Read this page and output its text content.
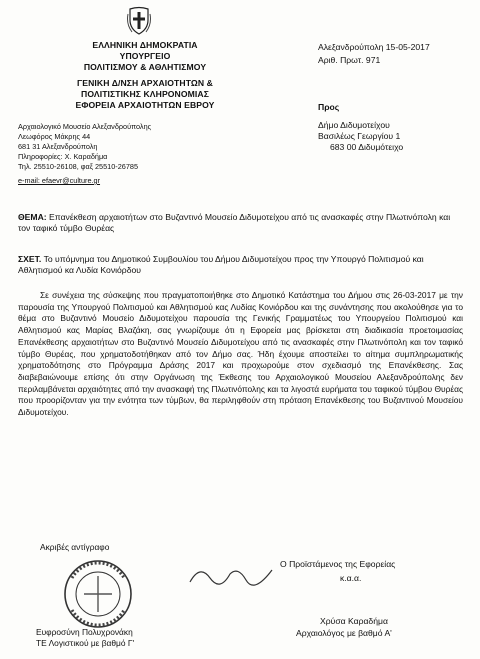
ΕΛΛΗΝΙΚΗ ΔΗΜΟΚΡΑΤΙΑ
ΥΠΟΥΡΓΕΙΟ
ΠΟΛΙΤΙΣΜΟΥ & ΑΘΛΗΤΙΣΜΟΥ
ΓΕΝΙΚΗ Δ/ΝΣΗ ΑΡΧΑΙΟΤΗΤΩΝ &
ΠΟΛΙΤΙΣΤΙΚΗΣ ΚΛΗΡΟΝΟΜΙΑΣ
ΕΦΟΡΕΙΑ ΑΡΧΑΙΟΤΗΤΩΝ ΕΒΡΟΥ
Αρχαιολογικό Μουσείο Αλεξανδρούπολης
Λεωφόρος Μάκρης 44
681 31 Αλεξανδρούπολη
Πληροφορίες: Χ. Καραδήμα
Τηλ. 25510-26108, φαξ 25510-26785
e-mail: efaevr@culture.gr
Αλεξανδρούπολη 15-05-2017
Αριθ. Πρωτ. 971
Προς
Δήμο Διδυμοτείχου
Βασιλέως Γεωργίου 1
683 00 Διδυμότειχο
ΘΕΜΑ: Επανέκθεση αρχαιοτήτων στο Βυζαντινό Μουσείο Διδυμοτείχου από τις ανασκαφές στην Πλωτινόπολη και τον ταφικό τύμβο Θυρέας
ΣΧΕΤ. Το υπόμνημα του Δημοτικού Συμβουλίου του Δήμου Διδυμοτείχου προς την Υπουργό Πολιτισμού και Αθλητισμού κα Λυδία Κονιόρδου
Σε συνέχεια της σύσκεψης που πραγματοποιήθηκε στο Δημοτικό Κατάστημα του Δήμου στις 26-03-2017 με την παρουσία της Υπουργού Πολιτισμού και Αθλητισμού κας Λυδίας Κονιόρδου και της συνάντησης που ακολούθησε για το θέμα στο Βυζαντινό Μουσείο Διδυμοτείχου παρουσία της Γενικής Γραμματέως του Υπουργείου Πολιτισμού και Αθλητισμού κας Μαρίας Βλαζάκη, σας γνωρίζουμε ότι η Εφορεία μας βρίσκεται στη διαδικασία προετοιμασίας Επανέκθεσης αρχαιοτήτων στο Βυζαντινό Μουσείο Διδυμοτείχου από τις ανασκαφές στην Πλωτινόπολη και τον ταφικό τύμβο Θυρέας, που χρηματοδοτήθηκαν από τον Δήμο σας. Ήδη έχουμε αποστείλει το αίτημα συμπληρωματικής χρηματοδότησης στο Πρόγραμμα Δράσης 2017 και προχωρούμε στον σχεδιασμό της Επανέκθεσης. Σας διαβεβαιώνουμε επίσης ότι στην Οργάνωση της Έκθεσης του Αρχαιολογικού Μουσείου Αλεξανδρούπολης δεν περιλαμβάνεται αρχαιότητες από την ανασκαφή της Πλωτινόπολης και τα λιγοστά ευρήματα του ταφικού τύμβου Θυρέας που προορίζονταν για την ενότητα των τύμβων, θα περιληφθούν στη πρόταση Επανέκθεσης του Βυζαντινού Μουσείου Διδυμοτείχου.
Ακριβές αντίγραφο
Ευφροσύνη Πολυχρονάκη
ΤΕ Λογιστικού με βαθμό Γ'
Ο Προϊστάμενος της Εφορείας
κ.α.α.
Χρύσα Καραδήμα
Αρχαιολόγος με βαθμό Α'
